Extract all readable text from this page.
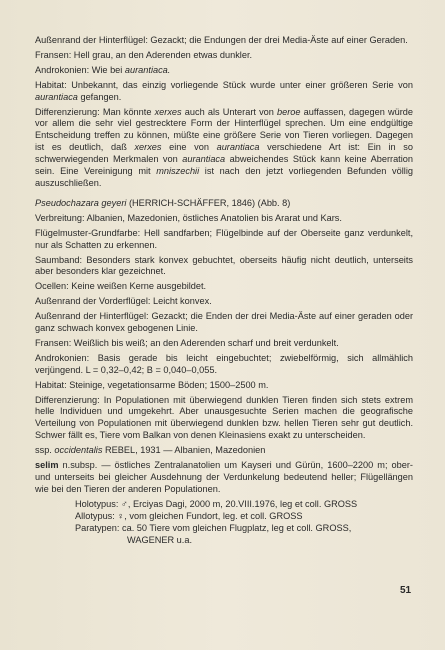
Außenrand der Hinterflügel: Gezackt; die Endungen der drei Media-Äste auf einer Geraden.

Fransen: Hell grau, an den Aderenden etwas dunkler.

Androkonien: Wie bei aurantiaca.

Habitat: Unbekannt, das einzig vorliegende Stück wurde unter einer größeren Serie von aurantiaca gefangen.

Differenzierung: Man könnte xerxes auch als Unterart von beroe auffassen, dagegen würde vor allem die sehr viel gestrecktere Form der Hinterflügel sprechen. Um eine endgültige Entscheidung treffen zu können, müßte eine größere Serie von Tieren vorliegen. Dagegen ist es deutlich, daß xerxes eine von aurantiaca verschiedene Art ist: Ein in so schwerwiegenden Merkmalen von aurantiaca abweichendes Stück kann keine Aberration sein. Eine Vereinigung mit mniszechii ist nach den jetzt vorliegenden Befunden völlig auszuschließen.

Pseudochazara geyeri (HERRICH-SCHÄFFER, 1846) (Abb. 8)

Verbreitung: Albanien, Mazedonien, östliches Anatolien bis Ararat und Kars.

Flügelmuster-Grundfarbe: Hell sandfarben; Flügelbinde auf der Oberseite ganz verdunkelt, nur als Schatten zu erkennen.

Saumband: Besonders stark konvex gebuchtet, oberseits häufig nicht deutlich, unterseits aber besonders klar gezeichnet.

Ocellen: Keine weißen Kerne ausgebildet.

Außenrand der Vorderflügel: Leicht konvex.

Außenrand der Hinterflügel: Gezackt; die Enden der drei Media-Äste auf einer geraden oder ganz schwach konvex gebogenen Linie.

Fransen: Weißlich bis weiß; an den Aderenden scharf und breit verdunkelt.

Androkonien: Basis gerade bis leicht eingebuchtet; zwiebelförmig, sich allmählich verjüngend. L = 0,32–0,42; B = 0,040–0,055.

Habitat: Steinige, vegetationsarme Böden; 1500–2500 m.

Differenzierung: In Populationen mit überwiegend dunklen Tieren finden sich stets extrem helle Individuen und umgekehrt. Aber unausgesuchte Serien machen die geografische Verteilung von Populationen mit überwiegend dunklen bzw. hellen Tieren sehr gut deutlich. Schwer fällt es, Tiere vom Balkan von denen Kleinasiens exakt zu unterscheiden.

ssp. occidentalis REBEL, 1931 — Albanien, Mazedonien

selim n.subsp. — östliches Zentralanatolien um Kayseri und Gürün, 1600–2200 m; ober- und unterseits bei gleicher Ausdehnung der Verdunkelung bedeutend heller; Flügellängen wie bei den Tieren der anderen Populationen.

Holotypus: ♂, Erciyas Dagi, 2000 m, 20.VIII.1976, leg et coll. GROSS

Allotypus: ♀, vom gleichen Fundort, leg. et coll. GROSS

Paratypen: ca. 50 Tiere vom gleichen Flugplatz, leg et coll. GROSS,

WAGENER u.a.

51
